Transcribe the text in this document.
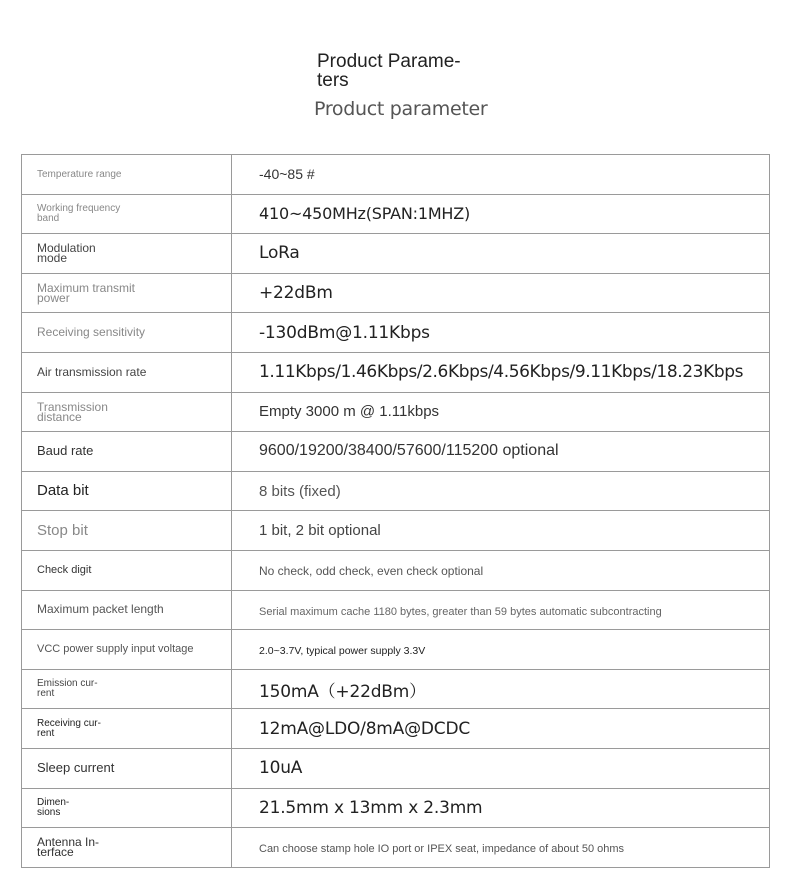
Product Parame-
ters
Product parameter
Temperature range	-40~85 #

Working frequency
band	410~450MHz(SPAN:1MHZ)

Modulation
mode	LoRa

Maximum transmit
power	+22dBm
Receiving sensitivity	-130dBm@1.11Kbps
Air transmission rate	1.11Kbps/1.46Kbps/2.6Kbps/4.56Kbps/9.11Kbps/18.23Kbps

Transmission
distance	Empty 3000 m @ 1.11kbps
Baud rate	9600/19200/38400/57600/115200 optional
Data bit	8 bits (fixed)
Stop bit	1 bit, 2 bit optional
Check digit	No check, odd check, even check optional
Maximum packet length	Serial maximum cache 1180 bytes, greater than 59 bytes automatic subcontracting
VCC power supply input voltage	2.0~3.7V, typical power supply 3.3V

Emission cur-
rent	150mA（+22dBm）

Receiving cur-
rent	12mA@LDO/8mA@DCDC
Sleep current	10uA

Dimen-
sions	21.5mm x 13mm x 2.3mm

Antenna In-
terface	Can choose stamp hole IO port or IPEX seat, impedance of about 50 ohms
